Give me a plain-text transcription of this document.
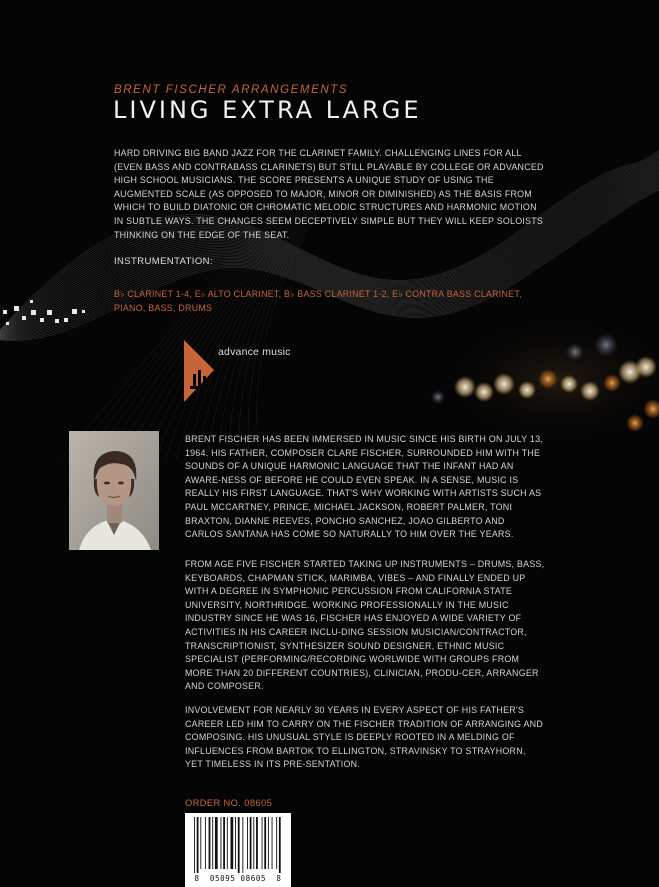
BRENT FISCHER ARRANGEMENTS
LIVING EXTRA LARGE
HARD DRIVING BIG BAND JAZZ FOR THE CLARINET FAMILY. CHALLENGING LINES FOR ALL (EVEN BASS AND CONTRABASS CLARINETS) BUT STILL PLAYABLE BY COLLEGE OR ADVANCED HIGH SCHOOL MUSICIANS. THE SCORE PRESENTS A UNIQUE STUDY OF USING THE AUGMENTED SCALE (AS OPPOSED TO MAJOR, MINOR OR DIMINISHED) AS THE BASIS FROM WHICH TO BUILD DIATONIC OR CHROMATIC MELODIC STRUCTURES AND HARMONIC MOTION IN SUBTLE WAYS. THE CHANGES SEEM DECEPTIVELY SIMPLE BUT THEY WILL KEEP SOLOISTS THINKING ON THE EDGE OF THE SEAT.
INSTRUMENTATION:
B♭ CLARINET 1-4, E♭ ALTO CLARINET, B♭ BASS CLARINET 1-2, E♭ CONTRA BASS CLARINET, PIANO, BASS, DRUMS
advance music
BRENT FISCHER HAS BEEN IMMERSED IN MUSIC SINCE HIS BIRTH ON JULY 13, 1964. HIS FATHER, COMPOSER CLARE FISCHER, SURROUNDED HIM WITH THE SOUNDS OF A UNIQUE HARMONIC LANGUAGE THAT THE INFANT HAD AN AWARE-NESS OF BEFORE HE COULD EVEN SPEAK. IN A SENSE, MUSIC IS REALLY HIS FIRST LANGUAGE. THAT'S WHY WORKING WITH ARTISTS SUCH AS PAUL MCCARTNEY, PRINCE, MICHAEL JACKSON, ROBERT PALMER, TONI BRAXTON, DIANNE REEVES, PONCHO SANCHEZ, JOAO GILBERTO AND CARLOS SANTANA HAS COME SO NATURALLY TO HIM OVER THE YEARS.
FROM AGE FIVE FISCHER STARTED TAKING UP INSTRUMENTS – DRUMS, BASS, KEYBOARDS, CHAPMAN STICK, MARIMBA, VIBES – AND FINALLY ENDED UP WITH A DEGREE IN SYMPHONIC PERCUSSION FROM CALIFORNIA STATE UNIVERSITY, NORTHRIDGE. WORKING PROFESSIONALLY IN THE MUSIC INDUSTRY SINCE HE WAS 16, FISCHER HAS ENJOYED A WIDE VARIETY OF ACTIVITIES IN HIS CAREER INCLU-DING SESSION MUSICIAN/CONTRACTOR, TRANSCRIPTIONIST, SYNTHESIZER SOUND DESIGNER, ETHNIC MUSIC SPECIALIST (PERFORMING/RECORDING WORLWIDE WITH GROUPS FROM MORE THAN 20 DIFFERENT COUNTRIES), CLINICIAN, PRODU-CER, ARRANGER AND COMPOSER.
INVOLVEMENT FOR NEARLY 30 YEARS IN EVERY ASPECT OF HIS FATHER'S CAREER LED HIM TO CARRY ON THE FISCHER TRADITION OF ARRANGING AND COMPOSING. HIS UNUSUAL STYLE IS DEEPLY ROOTED IN A MELDING OF INFLUENCES FROM BARTOK TO ELLINGTON, STRAVINSKY TO STRAYHORN, YET TIMELESS IN ITS PRE-SENTATION.
ORDER NO. 08605
8  05095 08605  8
